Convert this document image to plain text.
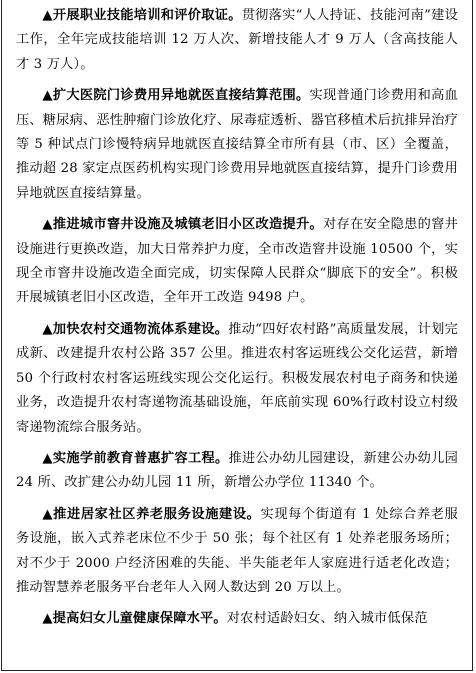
▲开展职业技能培训和评价取证。贯彻落实“人人持证、技能河南”建设工作，全年完成技能培训 12 万人次、新增技能人才 9 万人（含高技能人才 3 万人）。

▲扩大医院门诊费用异地就医直接结算范围。实现普通门诊费用和高血压、糖尿病、恶性肿瘤门诊放化疗、尿毒症透析、器官移植术后抗排异治疗等 5 种试点门诊慢特病异地就医直接结算全市所有县（市、区）全覆盖，推动超 28 家定点医药机构实现门诊费用异地就医直接结算，提升门诊费用异地就医直接结算量。

▲推进城市窨井设施及城镇老旧小区改造提升。对存在安全隐患的窨井设施进行更换改造，加大日常养护力度，全市改造窨井设施 10500 个，实现全市窨井设施改造全面完成，切实保障人民群众“脚底下的安全”。积极开展城镇老旧小区改造，全年开工改造 9498 户。

▲加快农村交通物流体系建设。推动“四好农村路”高质量发展，计划完成新、改建提升农村公路 357 公里。推进农村客运班线公交化运营，新增 50 个行政村农村客运班线实现公交化运行。积极发展农村电子商务和快递业务，改造提升农村寄递物流基础设施，年底前实现 60%行政村设立村级寄递物流综合服务站。

▲实施学前教育普惠扩容工程。推进公办幼儿园建设，新建公办幼儿园 24 所、改扩建公办幼儿园 11 所，新增公办学位 11340 个。

▲推进居家社区养老服务设施建设。实现每个街道有 1 处综合养老服务设施，嵌入式养老床位不少于 50 张；每个社区有 1 处养老服务场所；对不少于 2000 户经济困难的失能、半失能老年人家庭进行适老化改造；推动智慧养老服务平台老年人入网人数达到 20 万以上。

▲提高妇女儿童健康保障水平。对农村适龄妇女、纳入城市低保范
